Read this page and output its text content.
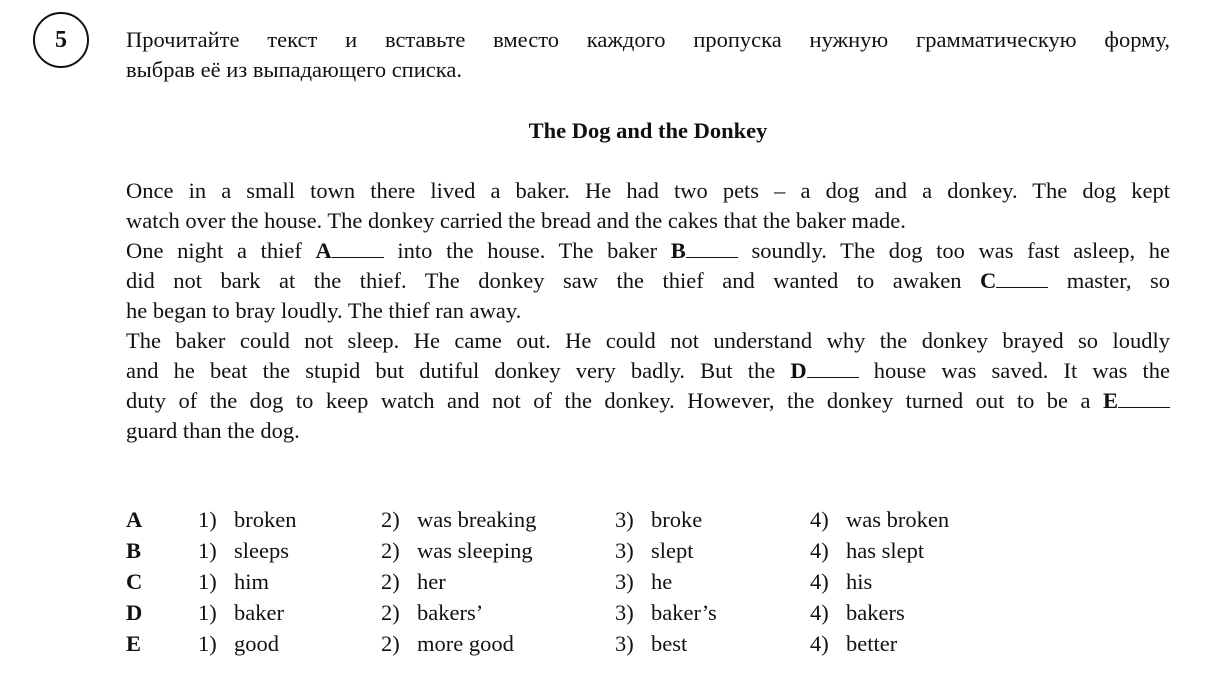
5	Прочитайте текст и вставьте вместо каждого пропуска нужную грамматическую форму,
выбрав её из выпадающего списка.
The Dog and the Donkey
Once in a small town there lived a baker. He had two pets – a dog and a donkey. The dog kept
watch over the house. The donkey carried the bread and the cakes that the baker made.
One night a thief A into the house. The baker B soundly. The dog too was fast asleep, he
did not bark at the thief. The donkey saw the thief and wanted to awaken C master, so
he began to bray loudly. The thief ran away.
The baker could not sleep. He came out. He could not understand why the donkey brayed so loudly
and he beat the stupid but dutiful donkey very badly. But the D house was saved. It was the
duty of the dog to keep watch and not of the donkey. However, the donkey turned out to be a E
guard than the dog.
A 1) broken	2) was breaking	3) broke	4) was broken
B	1) sleeps	2) was sleeping	3) slept	4) has slept
C 1) him	2) her	3) he	4) his
D 1) baker	2) bakers’	3) baker’s	4) bakers
E	1) good	2) more good	3) best	4) better
